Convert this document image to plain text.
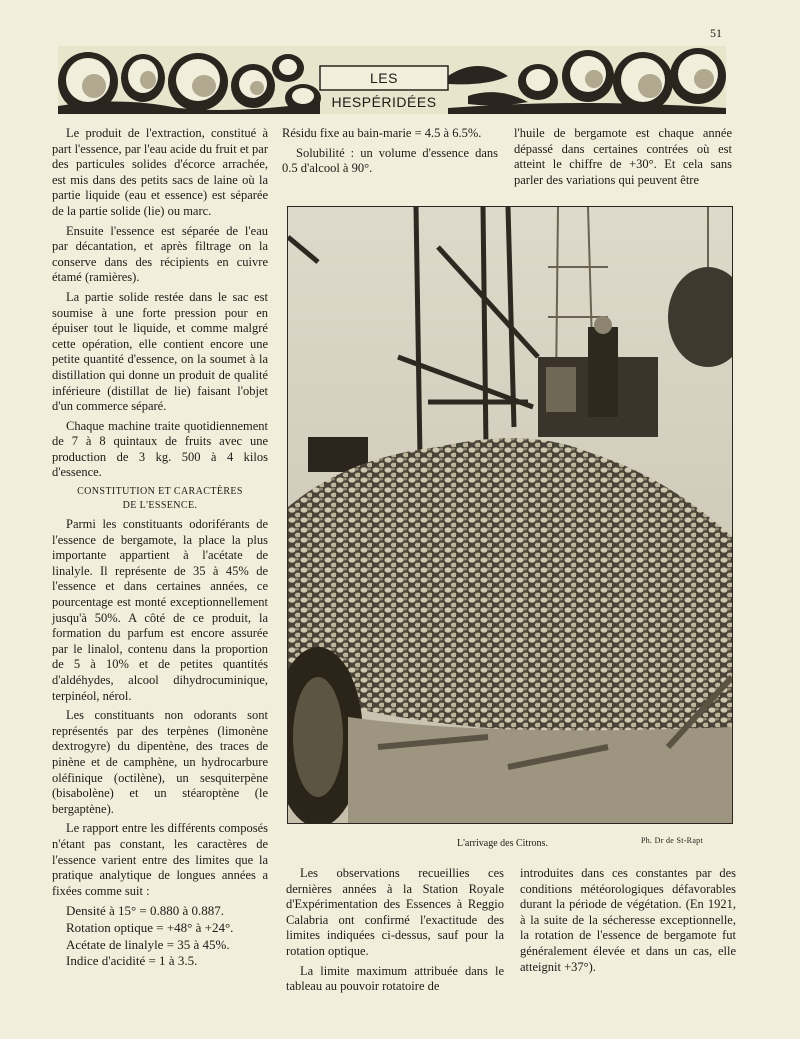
51
LES HESPÉRIDÉES

Le produit de l'extraction, constitué à part l'essence, par l'eau acide du fruit et par des particules solides d'écorce arrachée, est mis dans des petits sacs de laine où la partie liquide (eau et essence) est séparée de la partie solide (lie) ou marc.

Ensuite l'essence est séparée de l'eau par décantation, et après filtrage on la conserve dans des récipients en cuivre étamé (ramières).

La partie solide restée dans le sac est soumise à une forte pression pour en épuiser tout le liquide, et comme malgré cette opération, elle contient encore une petite quantité d'essence, on la soumet à la distillation qui donne un produit de qualité inférieure (distillat de lie) faisant l'objet d'un commerce séparé.

Chaque machine traite quotidiennement de 7 à 8 quintaux de fruits avec une production de 3 kg. 500 à 4 kilos d'essence.

CONSTITUTION ET CARACTÈRES
DE L'ESSENCE.

Parmi les constituants odoriférants de l'essence de bergamote, la place la plus importante appartient à l'acétate de linalyle. Il représente de 35 à 45% de l'essence et dans certaines années, ce pourcentage est monté exceptionnellement jusqu'à 50%. A côté de ce produit, la formation du parfum est encore assurée par le linalol, contenu dans la proportion de 5 à 10% et de petites quantités d'aldéhydes, alcool dihydrocuminique, terpinéol, nérol.

Les constituants non odorants sont représentés par des terpènes (limonène dextrogyre) du dipentène, des traces de pinène et de camphène, un hydrocarbure oléfinique (octilène), un sesquiterpène (bisabolène) et un stéaroptène (le bergaptène).

Le rapport entre les différents composés n'étant pas constant, les caractères de l'essence varient entre des limites que la pratique analytique de longues années a fixées comme suit :

Densité à 15° = 0.880 à 0.887.

Rotation optique = +48° à +24°.

Acétate de linalyle = 35 à 45%.

Indice d'acidité = 1 à 3.5.

Résidu fixe au bain-marie = 4.5 à 6.5%.

Solubilité : un volume d'essence dans 0.5 d'alcool à 90°.

l'huile de bergamote est chaque année dépassé dans certaines contrées où est atteint le chiffre de +30°. Et cela sans parler des variations qui peuvent être

L'arrivage des Citrons.	Ph. Dr de St-Rapt

Les observations recueillies ces dernières années à la Station Royale d'Expérimentation des Essences à Reggio Calabria ont confirmé l'exactitude des limites indiquées ci-dessus, sauf pour la rotation optique.

La limite maximum attribuée dans le tableau au pouvoir rotatoire de

introduites dans ces constantes par des conditions météorologiques défavorables durant la période de végétation. (En 1921, à la suite de la sécheresse exceptionnelle, la rotation de l'essence de bergamote fut généralement élevée et dans un cas, elle atteignit +37°).
